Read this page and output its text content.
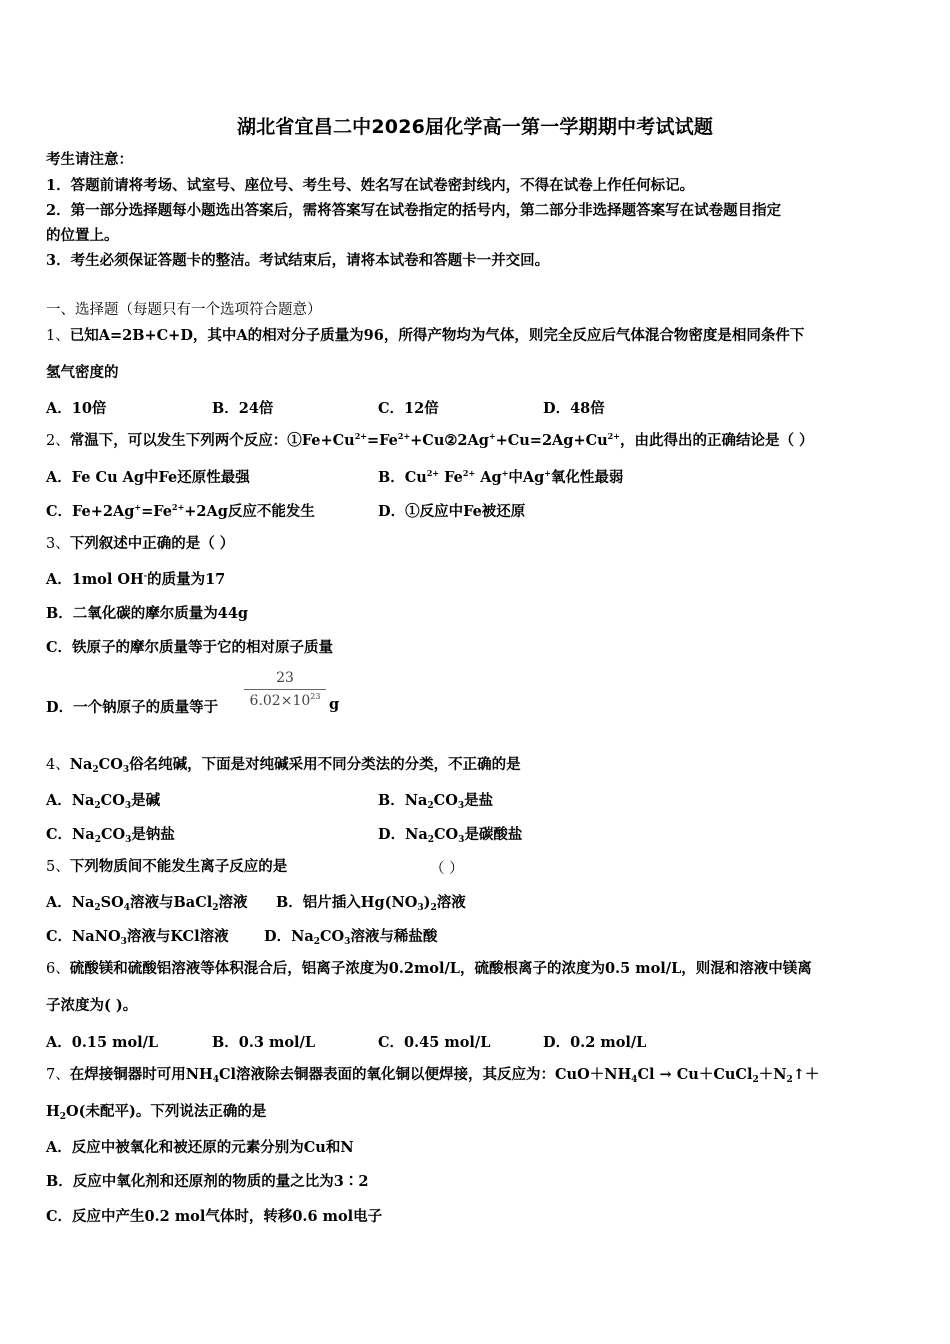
湖北省宜昌二中2026届化学高一第一学期期中考试试题
考生请注意：
1．答题前请将考场、试室号、座位号、考生号、姓名写在试卷密封线内，不得在试卷上作任何标记。
2．第一部分选择题每小题选出答案后，需将答案写在试卷指定的括号内，第二部分非选择题答案写在试卷题目指定
的位置上。
3．考生必须保证答题卡的整洁。考试结束后，请将本试卷和答题卡一并交回。
一、选择题（每题只有一个选项符合题意）
1、已知A=2B+C+D，其中A的相对分子质量为96，所得产物均为气体，则完全反应后气体混合物密度是相同条件下
氢气密度的
A．10倍	B．24倍	C．12倍	D．48倍
2、常温下，可以发生下列两个反应：$①Fe+Cu^{2+}=Fe^{2+}+Cu②2Ag^++Cu=2Ag+Cu^{2+}$，由此得出的正确结论是（ ）
A．Fe Cu Ag中Fe还原性最强	B．$Cu^{2+}$ $Fe^{2+}$ Ag+中Ag+氧化性最弱
C．$Fe+2Ag^+=Fe^{2+}+2Ag$反应不能发生	D．①反应中Fe被还原
3、下列叙述中正确的是（ ）
A．1mol OH-的质量为17
B．二氧化碳的摩尔质量为44g
C．铁原子的摩尔质量等于它的相对原子质量
D．一个钠原子的质量等于
23
$6.02\times 10^{23}$ g
4、$Na_2CO_3$俗名纯碱，下面是对纯碱采用不同分类法的分类，不正确的是
A．$Na_2CO_3$是碱	B．$Na_2CO_3$是盐
C．$Na_2CO_3$是钠盐	D．$Na_2CO_3$是碳酸盐
5、下列物质间不能发生离子反应的是	（ ）
A．$Na_2SO_4$溶液与BaCl$_2$溶液 B．铝片插入$Hg(NO_3)_2$溶液
C．NaNO$_3$溶液与KCl溶液 D．$Na_2CO_3$溶液与稀盐酸
6、硫酸镁和硫酸铝溶液等体积混合后，铝离子浓度为0.2mol/L，硫酸根离子的浓度为0.5 mol/L，则混和溶液中镁离
子浓度为( )。
A．0.15 mol/L	B．0.3 mol/L	C．0.45 mol/L	D．0.2 mol/L
7、在焊接铜器时可用$NH_4Cl$溶液除去铜器表面的氧化铜以便焊接，其反应为：$CuO+NH_4Cl$ → $Cu+CuCl_2+N_2↑+$
$H_2O$(未配平)。下列说法正确的是
A．反应中被氧化和被还原的元素分别为Cu和N
B．反应中氧化剂和还原剂的物质的量之比为3∶2
C．反应中产生0.2 mol气体时，转移0.6 mol电子
